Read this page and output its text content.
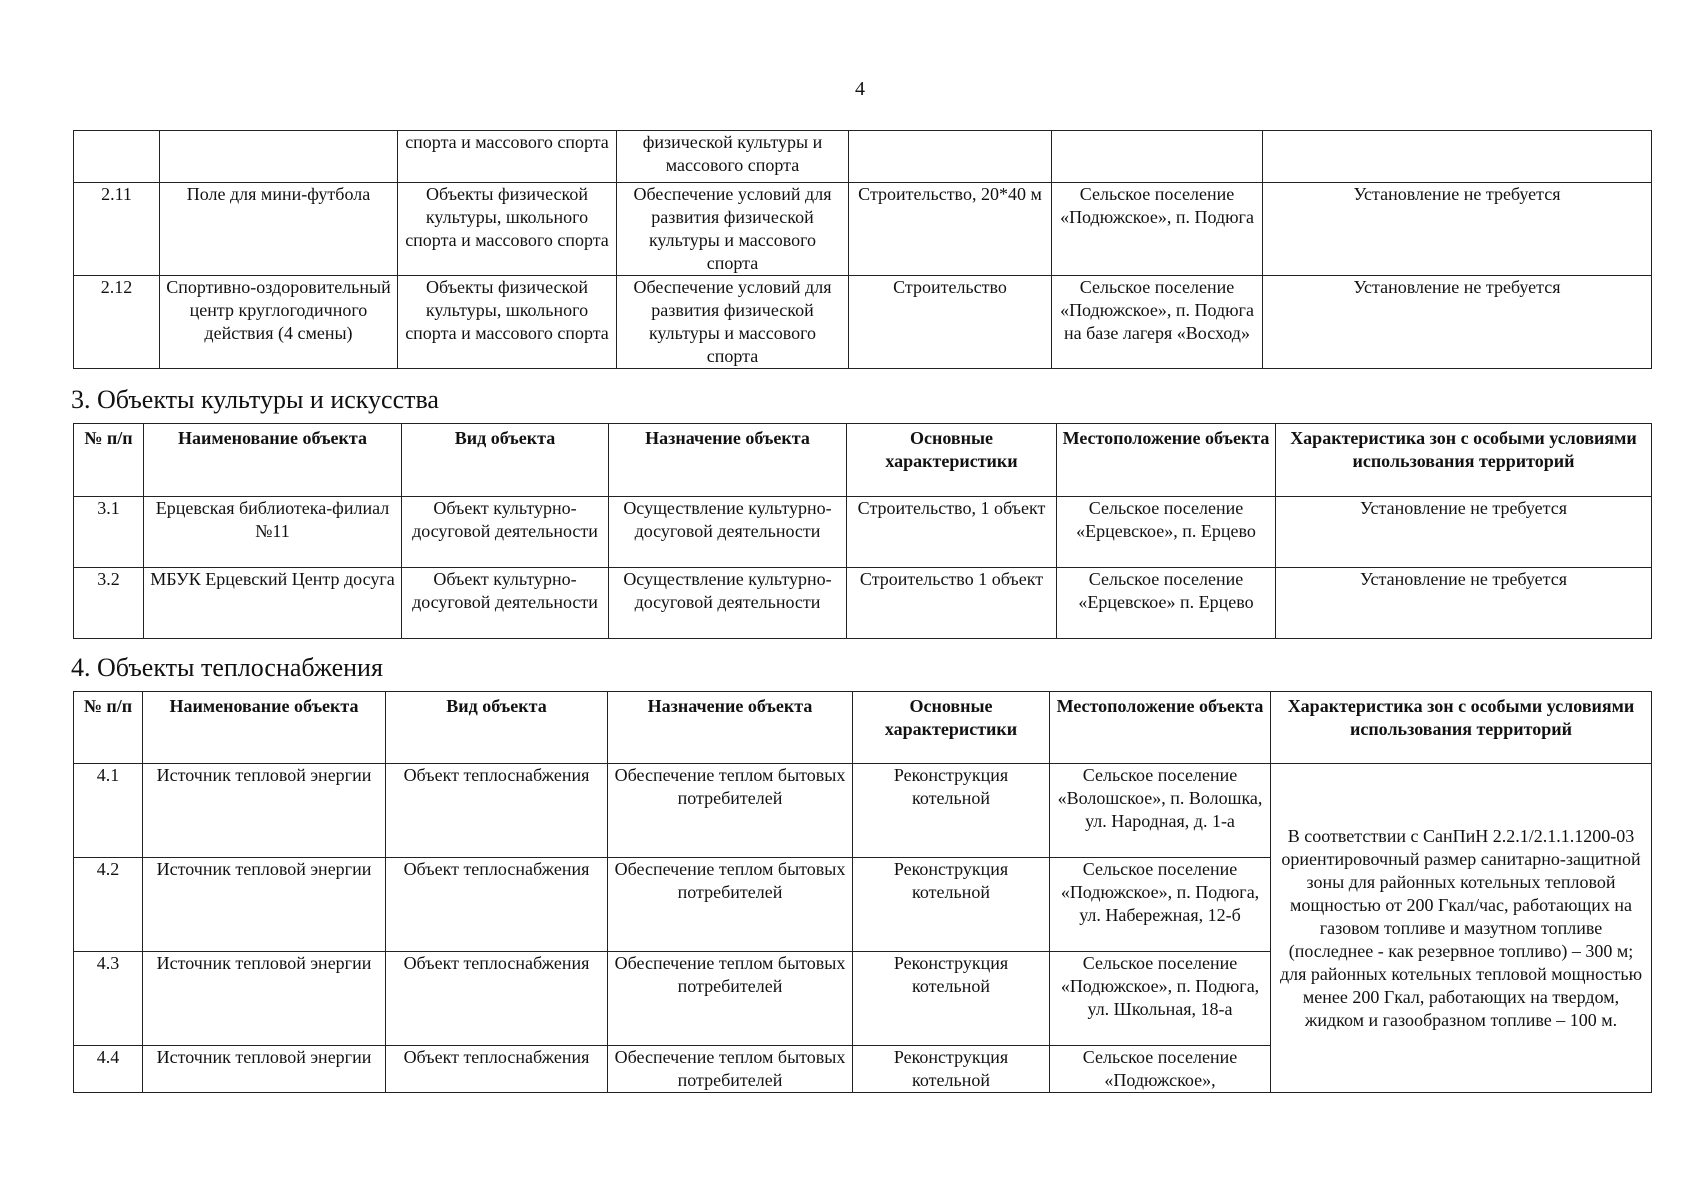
4
		спорта и массового спорта	физической культуры и массового спорта			
2.11	Поле для мини-футбола	Объекты физической культуры, школьного спорта и массового спорта	Обеспечение условий для развития физической культуры и массового спорта	Строительство, 20*40 м	Сельское поселение «Подюжское», п. Подюга	Установление не требуется
2.12	Спортивно-оздоровительный центр круглогодичного действия (4 смены)	Объекты физической культуры, школьного спорта и массового спорта	Обеспечение условий для развития физической культуры и массового спорта	Строительство	Сельское поселение «Подюжское», п. Подюга на базе лагеря «Восход»	Установление не требуется
3. Объекты культуры и искусства
№ п/п	Наименование объекта	Вид объекта	Назначение объекта	Основные характеристики	Местоположение объекта	Характеристика зон с особыми условиями использования территорий
3.1	Ерцевская библиотека-филиал №11	Объект культурно-досуговой деятельности	Осуществление культурно-досуговой деятельности	Строительство, 1 объект	Сельское поселение «Ерцевское», п. Ерцево	Установление не требуется
3.2	МБУК Ерцевский Центр досуга	Объект культурно-досуговой деятельности	Осуществление культурно-досуговой деятельности	Строительство 1 объект	Сельское поселение «Ерцевское» п. Ерцево	Установление не требуется
4. Объекты теплоснабжения
№ п/п	Наименование объекта	Вид объекта	Назначение объекта	Основные характеристики	Местоположение объекта	Характеристика зон с особыми условиями использования территорий
4.1	Источник тепловой энергии	Объект теплоснабжения	Обеспечение теплом бытовых потребителей	Реконструкция котельной	Сельское поселение «Волошское», п. Волошка, ул. Народная, д. 1-а	В соответствии с СанПиН 2.2.1/2.1.1.1200-03 ориентировочный размер санитарно-защитной зоны для районных котельных тепловой мощностью от 200 Гкал/час, работающих на газовом топливе и мазутном топливе (последнее - как резервное топливо) – 300 м; для районных котельных тепловой мощностью менее 200 Гкал, работающих на твердом, жидком и газообразном топливе – 100 м.
4.2	Источник тепловой энергии	Объект теплоснабжения	Обеспечение теплом бытовых потребителей	Реконструкция котельной	Сельское поселение «Подюжское», п. Подюга, ул. Набережная, 12-б	
4.3	Источник тепловой энергии	Объект теплоснабжения	Обеспечение теплом бытовых потребителей	Реконструкция котельной	Сельское поселение «Подюжское», п. Подюга, ул. Школьная, 18-а	
4.4	Источник тепловой энергии	Объект теплоснабжения	Обеспечение теплом бытовых потребителей	Реконструкция котельной	Сельское поселение «Подюжское»,	
